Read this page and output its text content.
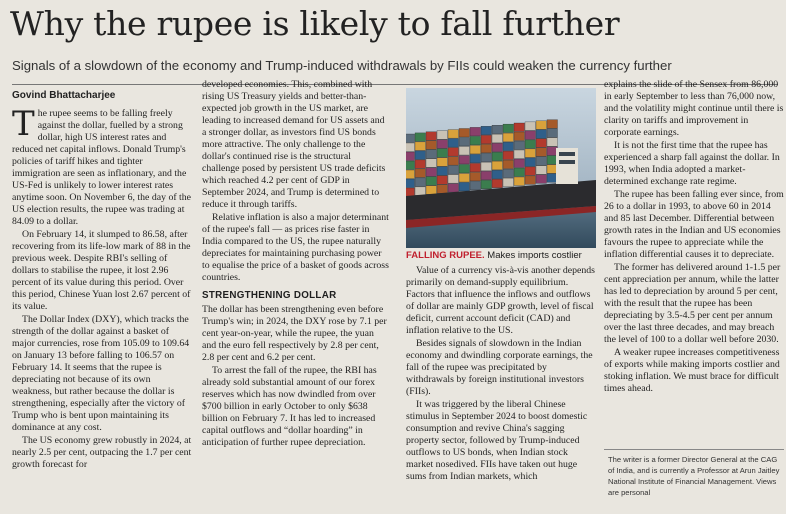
Why the rupee is likely to fall further
Signals of a slowdown of the economy and Trump-induced withdrawals by FIIs could weaken the currency further
Govind Bhattacharjee

The rupee seems to be falling freely against the dollar, fuelled by a strong dollar, high US interest rates and reduced net capital inflows. Donald Trump's policies of tariff hikes and tighter immigration are seen as inflationary, and the US-Fed is unlikely to lower interest rates anytime soon. On November 6, the day of the US election results, the rupee was trading at 84.09 to a dollar.

On February 14, it slumped to 86.58, after recovering from its life-low mark of 88 in the previous week. Despite RBI's selling of dollars to stabilise the rupee, it lost 2.96 percent of its value during this period. Over this period, Chinese Yuan lost 2.67 percent of its value.

The Dollar Index (DXY), which tracks the strength of the dollar against a basket of major currencies, rose from 105.09 to 109.64 on January 13 before falling to 106.57 on February 14. It seems that the rupee is depreciating not because of its own weakness, but rather because the dollar is strengthening, especially after the victory of Trump who is bent upon maintaining its dominance at any cost.

The US economy grew robustly in 2024, at nearly 2.5 per cent, outpacing the 1.7 per cent growth forecast for

developed economies. This, combined with rising US Treasury yields and better-than-expected job growth in the US market, are leading to increased demand for US assets and a stronger dollar, as investors find US bonds more attractive. The only challenge to the dollar's continued rise is the structural challenge posed by persistent US trade deficits which reached 4.2 per cent of GDP in September 2024, and Trump is determined to reduce it through tariffs.

Relative inflation is also a major determinant of the rupee's fall — as prices rise faster in India compared to the US, the rupee naturally depreciates for maintaining purchasing power to equalise the price of a basket of goods across countries.

STRENGTHENING DOLLAR

The dollar has been strengthening even before Trump's win; in 2024, the DXY rose by 7.1 per cent year-on-year, while the rupee, the yuan and the euro fell respectively by 2.8 per cent, 2.8 per cent and 6.2 per cent.

To arrest the fall of the rupee, the RBI has already sold substantial amount of our forex reserves which has now dwindled from over $700 billion in early October to only $638 billion on February 7. It has led to increased capital outflows and “dollar hoarding” in anticipation of further rupee depreciation.

FALLING RUPEE. Makes imports costlier

Value of a currency vis-à-vis another depends primarily on demand-supply equilibrium. Factors that influence the inflows and outflows of dollar are mainly GDP growth, level of fiscal deficit, current account deficit (CAD) and inflation relative to the US.

Besides signals of slowdown in the Indian economy and dwindling corporate earnings, the fall of the rupee was precipitated by withdrawals by foreign institutional investors (FIIs).

It was triggered by the liberal Chinese stimulus in September 2024 to boost domestic consumption and revive China's sagging property sector, followed by Trump-induced outflows to US bonds, when Indian stock market nosedived. FIIs have taken out huge sums from Indian markets, which

explains the slide of the Sensex from 86,000 in early September to less than 76,000 now, and the volatility might continue until there is clarity on tariffs and improvement in corporate earnings.

It is not the first time that the rupee has experienced a sharp fall against the dollar. In 1993, when India adopted a market-determined exchange rate regime.

The rupee has been falling ever since, from 26 to a dollar in 1993, to above 60 in 2014 and 85 last December. Differential between growth rates in the Indian and US economies favours the rupee to appreciate while the inflation differential causes it to depreciate.

The former has delivered around 1-1.5 per cent appreciation per annum, while the latter has led to depreciation by around 5 per cent, with the result that the rupee has been depreciating by 3.5-4.5 per cent per annum over the last three decades, and may breach the level of 100 to a dollar well before 2030.

A weaker rupee increases competitiveness of exports while making imports costlier and stoking inflation. We must brace for difficult times ahead.

The writer is a former Director General at the CAG of India, and is currently a Professor at Arun Jaitley National Institute of Financial Management. Views are personal
